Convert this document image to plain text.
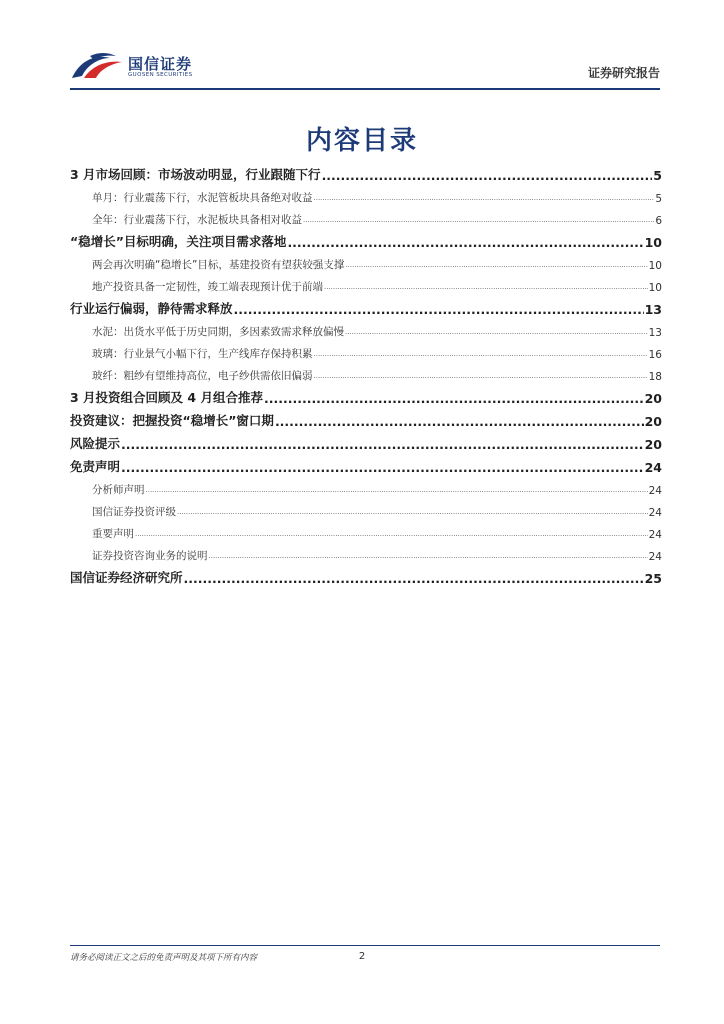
国信证券
GUOSEN SECURITIES	证券研究报告
内容目录
3 月市场回顾：市场波动明显，行业跟随下行 .....	5
单月：行业震荡下行，水泥管板块具备绝对收益 .....	5
全年：行业震荡下行，水泥板块具备相对收益 .....	6
“稳增长”目标明确，关注项目需求落地 .....	10
两会再次明确“稳增长”目标，基建投资有望获较强支撑 .....	10
地产投资具备一定韧性，竣工端表现预计优于前端 .....	10
行业运行偏弱，静待需求释放 .....	13
水泥：出货水平低于历史同期，多因素致需求释放偏慢 .....	13
玻璃：行业景气小幅下行，生产线库存保持积累 .....	16
玻纤：粗纱有望维持高位，电子纱供需依旧偏弱 .....	18
3 月投资组合回顾及 4 月组合推荐 .....	20
投资建议：把握投资“稳增长”窗口期 .....	20
风险提示 .....	20
免责声明 .....	24
分析师声明 .....	24
国信证券投资评级 .....	24
重要声明 .....	24
证券投资咨询业务的说明 .....	24
国信证券经济研究所 .....	25
请务必阅读正文之后的免责声明及其项下所有内容	2
